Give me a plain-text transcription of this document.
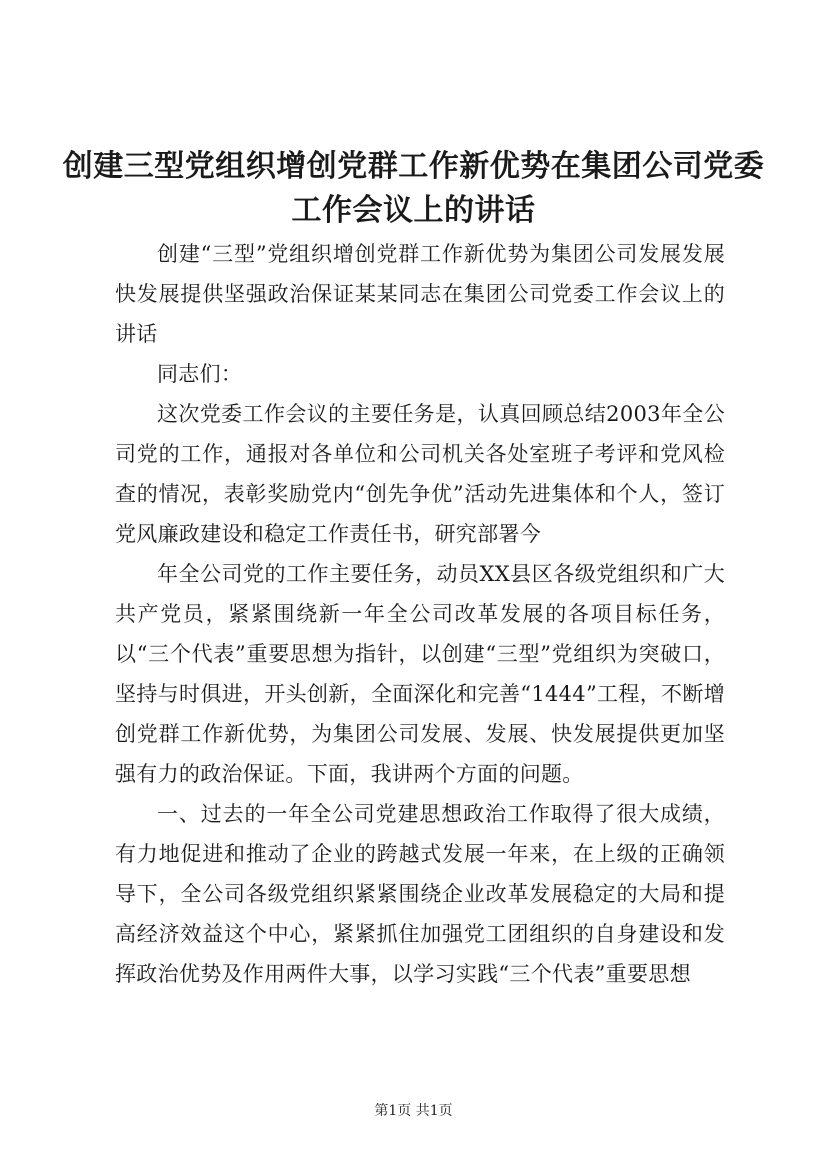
创建三型党组织增创党群工作新优势在集团公司党委工作会议上的讲话

创建“三型”党组织增创党群工作新优势为集团公司发展发展快发展提供坚强政治保证某某同志在集团公司党委工作会议上的讲话

同志们：

这次党委工作会议的主要任务是，认真回顾总结2003年全公司党的工作，通报对各单位和公司机关各处室班子考评和党风检查的情况，表彰奖励党内“创先争优”活动先进集体和个人，签订党风廉政建设和稳定工作责任书，研究部署今

年全公司党的工作主要任务，动员XX县区各级党组织和广大共产党员，紧紧围绕新一年全公司改革发展的各项目标任务，以“三个代表”重要思想为指针，以创建“三型”党组织为突破口，坚持与时俱进，开头创新，全面深化和完善“1444”工程，不断增创党群工作新优势，为集团公司发展、发展、快发展提供更加坚强有力的政治保证。下面，我讲两个方面的问题。

一、过去的一年全公司党建思想政治工作取得了很大成绩，有力地促进和推动了企业的跨越式发展一年来，在上级的正确领导下，全公司各级党组织紧紧围绕企业改革发展稳定的大局和提高经济效益这个中心，紧紧抓住加强党工团组织的自身建设和发挥政治优势及作用两件大事，以学习实践“三个代表”重要思想

第1页 共1页
